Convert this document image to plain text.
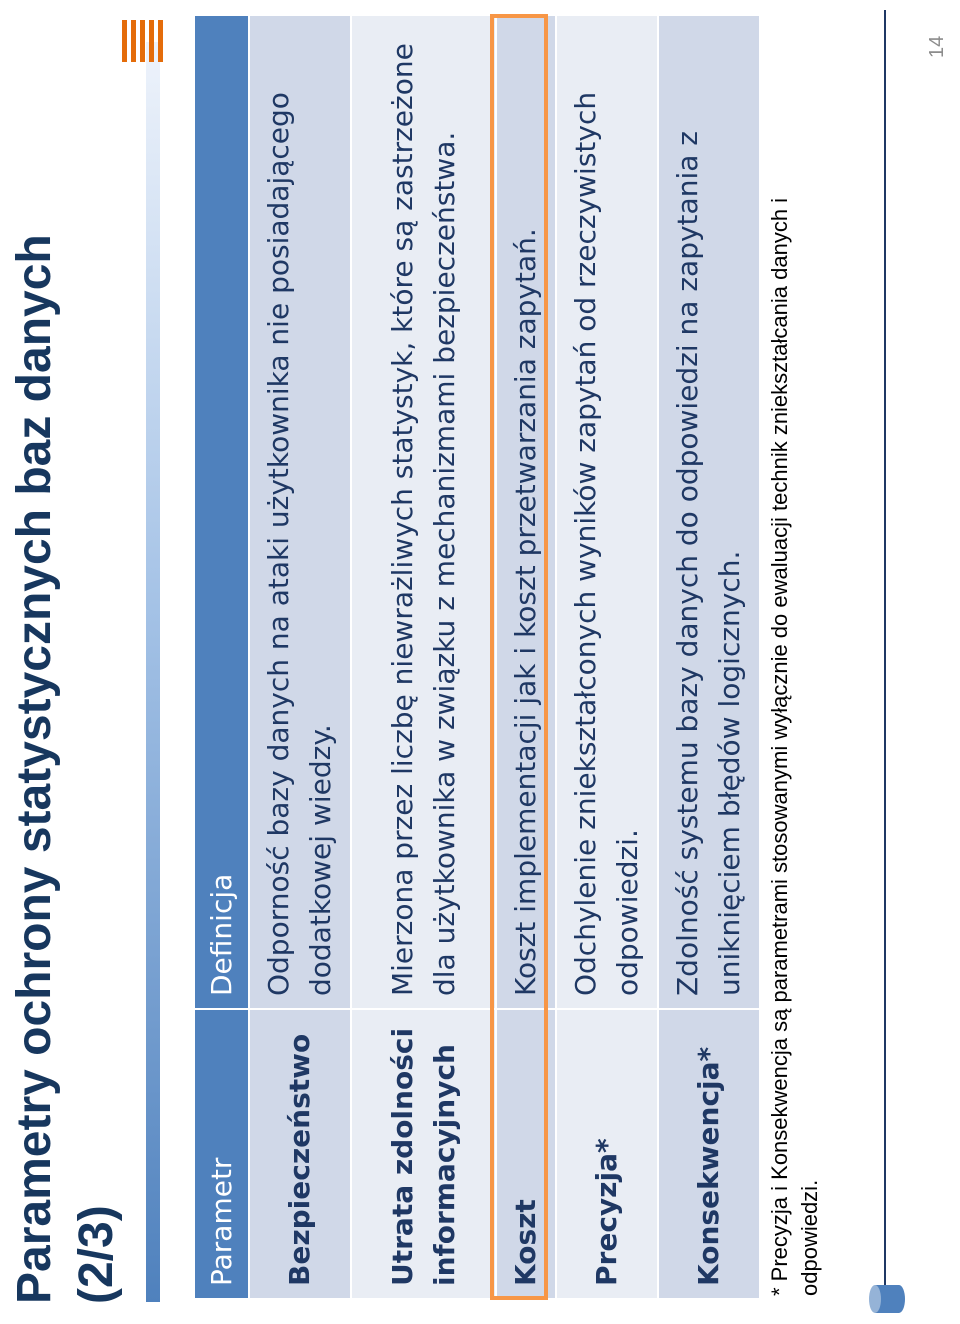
Parametry ochrony statystycznych baz danych (2/3)	Parametr	Definicja
Bezpieczeństwo	Odporność bazy danych na ataki użytkownika nie posiadającego dodatkowej wiedzy.
Utrata zdolności informacyjnych	Mierzona przez liczbę niewrażliwych statystyk, które są zastrzeżone dla użytkownika w związku z mechanizmami bezpieczeństwa.
Koszt	Koszt implementacji jak i koszt przetwarzania zapytań.
Precyzja*	Odchylenie zniekształconych wyników zapytań od rzeczywistych odpowiedzi.
Konsekwencja*	Zdolność systemu bazy danych do odpowiedzi na zapytania z uniknięciem błędów logicznych. * Precyzja i Konsekwencja są parametrami stosowanymi wyłącznie do ewaluacji technik zniekształcania danych i odpowiedzi.

14
